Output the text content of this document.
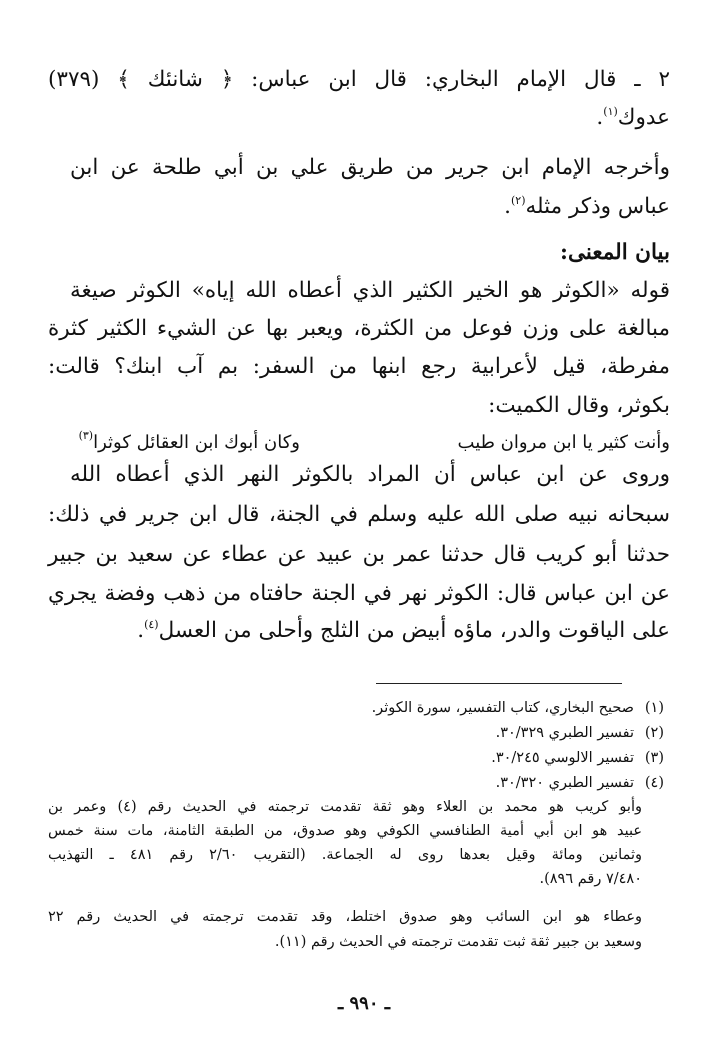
٢ ـ قال الإمام البخاري: قال ابن عباس: ﴿ شانئك ﴾ (٣٧٩)
عدوك$^{(١)}$.
وأخرجه الإمام ابن جرير من طريق علي بن أبي طلحة عن ابن
عباس وذكر مثله$^{(٢)}$.
بيان المعنى:
قوله «الكوثر هو الخير الكثير الذي أعطاه الله إياه» الكوثر صيغة
مبالغة على وزن فوعل من الكثرة، ويعبر بها عن الشيء الكثير كثرة
مفرطة، قيل لأعرابية رجع ابنها من السفر: بم آب ابنك؟ قالت:
بكوثر، وقال الكميت:
وأنت كثير يا ابن مروان طيب
وكان أبوك ابن العقائل كوثرا$^{(٣)}$
وروى عن ابن عباس أن المراد بالكوثر النهر الذي أعطاه الله
سبحانه نبيه صلى الله عليه وسلم في الجنة، قال ابن جرير في ذلك:
حدثنا أبو كريب قال حدثنا عمر بن عبيد عن عطاء عن سعيد بن جبير
عن ابن عباس قال: الكوثر نهر في الجنة حافتاه من ذهب وفضة يجري
على الياقوت والدر، ماؤه أبيض من الثلج وأحلى من العسل$^{(٤)}$.
(١)صحيح البخاري، كتاب التفسير، سورة الكوثر.
(٢)تفسير الطبري ٣٠/٣٢٩.
(٣)تفسير الالوسي ٣٠/٢٤٥.
(٤)تفسير الطبري ٣٠/٣٢٠.
وأبو كريب هو محمد بن العلاء وهو ثقة تقدمت ترجمته في الحديث رقم (٤) وعمر بن
عبيد هو ابن أبي أمية الطنافسي الكوفي وهو صدوق، من الطبقة الثامنة، مات سنة خمس
وثمانين ومائة وقيل بعدها روى له الجماعة. (التقريب ٢/٦٠ رقم ٤٨١ ـ التهذيب
٧/٤٨٠ رقم ٨٩٦).
وعطاء هو ابن السائب وهو صدوق اختلط، وقد تقدمت ترجمته في الحديث رقم ٢٢
وسعيد بن جبير ثقة ثبت تقدمت ترجمته في الحديث رقم (١١).
ـ ٩٩٠ ـ
